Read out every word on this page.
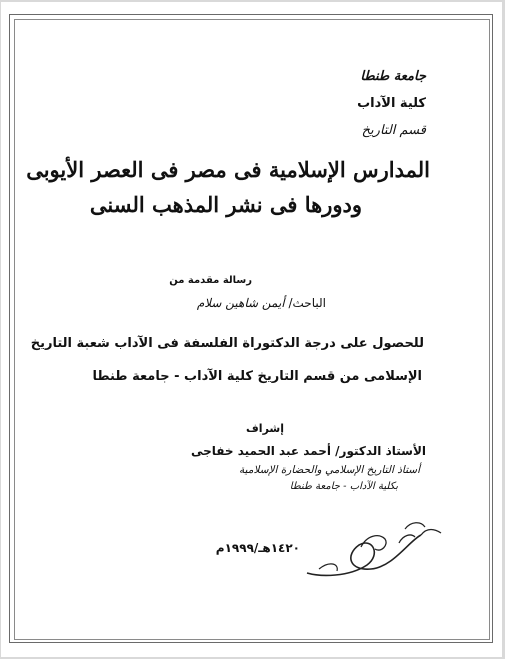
جامعة طنطا
كلية الآداب
قسم التاريخ
المدارس الإسلامية فى مصر فى العصر الأيوبى
ودورها فى نشر المذهب السنى
رسالة مقدمة من
الباحث/ أيمن شاهين سلام
للحصول على درجة الدكتوراة الفلسفة فى الآداب شعبة التاريخ
الإسلامى من قسم التاريخ كلية الآداب - جامعة طنطا
إشراف
الأستاذ الدكتور/ أحمد عبد الحميد خفاجى
أستاذ التاريخ الإسلامي والحضارة الإسلامية
بكلية الآداب - جامعة طنطا
١٤٢٠هـ/١٩٩٩م
